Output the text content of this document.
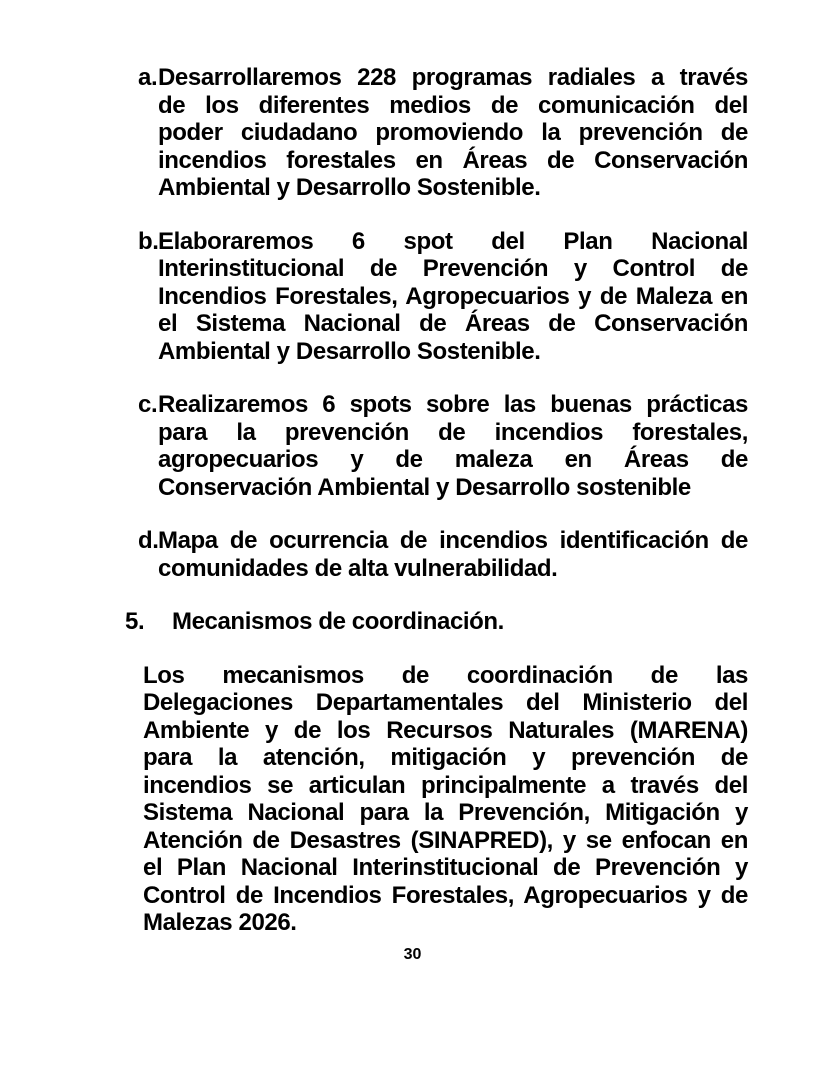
a. Desarrollaremos 228 programas radiales a través
de los diferentes medios de comunicación del
poder ciudadano promoviendo la prevención de
incendios forestales en Áreas de Conservación
Ambiental y Desarrollo Sostenible.
b. Elaboraremos 6 spot del Plan Nacional
Interinstitucional de Prevención y Control de
Incendios Forestales, Agropecuarios y de Maleza en
el Sistema Nacional de Áreas de Conservación
Ambiental y Desarrollo Sostenible.
c. Realizaremos 6 spots sobre las buenas prácticas
para la prevención de incendios forestales,
agropecuarios y de maleza en Áreas de
Conservación Ambiental y Desarrollo sostenible
d. Mapa de ocurrencia de incendios identificación de
comunidades de alta vulnerabilidad.
5. Mecanismos de coordinación.
Los mecanismos de coordinación de las
Delegaciones Departamentales del Ministerio del
Ambiente y de los Recursos Naturales (MARENA)
para la atención, mitigación y prevención de
incendios se articulan principalmente a través del
Sistema Nacional para la Prevención, Mitigación y
Atención de Desastres (SINAPRED), y se enfocan en
el Plan Nacional Interinstitucional de Prevención y
Control de Incendios Forestales, Agropecuarios y de
Malezas 2026.
30
